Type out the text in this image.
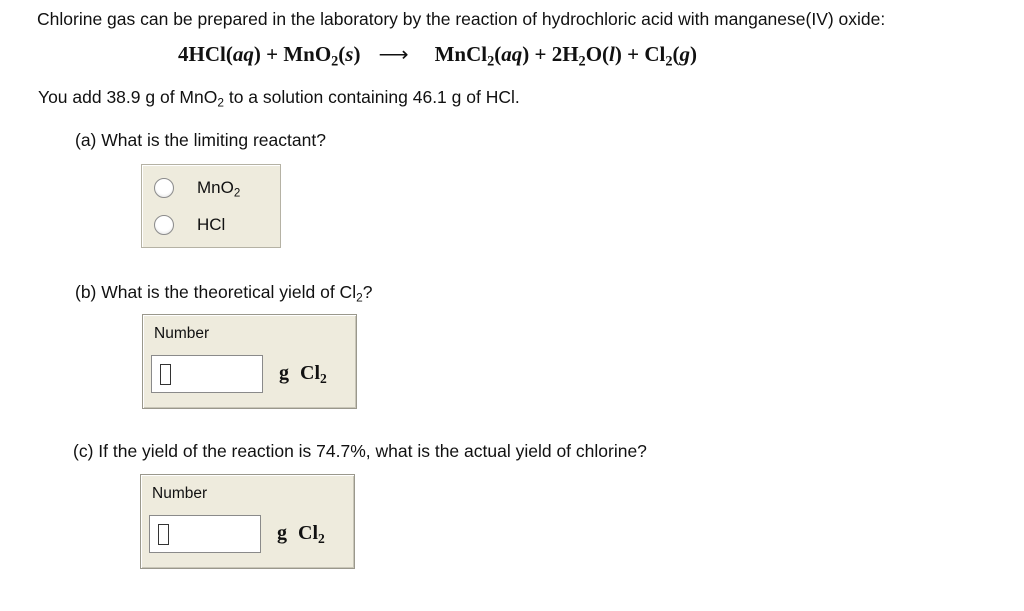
Chlorine gas can be prepared in the laboratory by the reaction of hydrochloric acid with manganese(IV) oxide:
4HCl(aq) + MnO$_2$(s) ⟶ MnCl$_2$(aq) + $2H_2O(l) + Cl_2(g)$
You add 38.9 g of MnO$_2$ to a solution containing 46.1 g of HCl.
(a) What is the limiting reactant?
MnO$_2$
HCl
(b) What is the theoretical yield of $Cl_2$?
Number
g $Cl_2$
(c) If the yield of the reaction is 74.7%, what is the actual yield of chlorine?
Number
g $Cl_2$
